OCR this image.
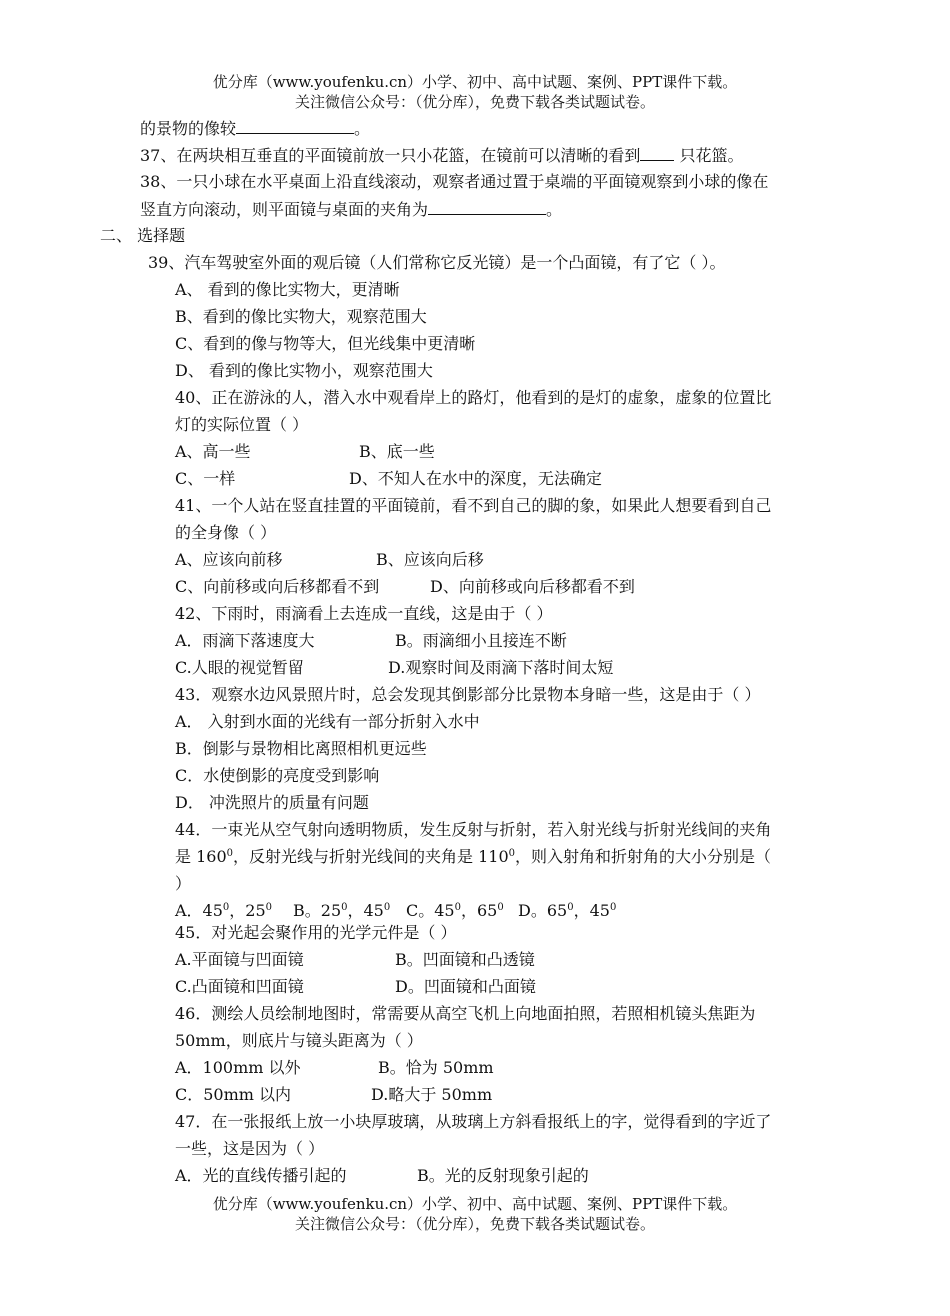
优分库（www.youfenku.cn）小学、初中、高中试题、案例、PPT课件下载。
关注微信公众号：（优分库），免费下载各类试题试卷。
的景物的像较	。
37、在两块相互垂直的平面镜前放一只小花篮，在镜前可以清晰的看到 只花篮。
38、一只小球在水平桌面上沿直线滚动，观察者通过置于桌端的平面镜观察到小球的像在
竖直方向滚动，则平面镜与桌面的夹角为	。
二、 选择题
39、汽车驾驶室外面的观后镜（人们常称它反光镜）是一个凸面镜，有了它（ ）。
A、 看到的像比实物大，更清晰
B、看到的像比实物大，观察范围大
C、看到的像与物等大，但光线集中更清晰
D、 看到的像比实物小，观察范围大
40、正在游泳的人，潜入水中观看岸上的路灯，他看到的是灯的虚象，虚象的位置比
灯的实际位置（ ）
A、高一些	B、底一些
C、一样	D、不知人在水中的深度，无法确定
41、一个人站在竖直挂置的平面镜前，看不到自己的脚的象，如果此人想要看到自己
的全身像（ ）
A、应该向前移	B、应该向后移
C、向前移或向后移都看不到	D、向前移或向后移都看不到
42、下雨时，雨滴看上去连成一直线，这是由于（ ）
A．雨滴下落速度大	B。雨滴细小且接连不断
C.人眼的视觉暂留	D.观察时间及雨滴下落时间太短
43．观察水边风景照片时，总会发现其倒影部分比景物本身暗一些，这是由于（ ）
A． 入射到水面的光线有一部分折射入水中
B．倒影与景物相比离照相机更远些
C．水使倒影的亮度受到影响
D． 冲洗照片的质量有问题
44．一束光从空气射向透明物质，发生反射与折射，若入射光线与折射光线间的夹角
是 $160^0$，反射光线与折射光线间的夹角是 $110^0$，则入射角和折射角的大小分别是（
）
A．$45^0$，$25^0$ B。$25^0$，$45^0$ C。$45^0$，$65^0$ D。$65^0$，$45^0$
45．对光起会聚作用的光学元件是（ ）
A.平面镜与凹面镜	B。凹面镜和凸透镜
C.凸面镜和凹面镜	D。凹面镜和凸面镜
46．测绘人员绘制地图时，常需要从高空飞机上向地面拍照，若照相机镜头焦距为
50mm，则底片与镜头距离为（ ）
A．100mm 以外	B。恰为 50mm
C．50mm 以内	D.略大于 50mm
47．在一张报纸上放一小块厚玻璃，从玻璃上方斜看报纸上的字，觉得看到的字近了
一些，这是因为（ ）
A．光的直线传播引起的	B。光的反射现象引起的
优分库（www.youfenku.cn）小学、初中、高中试题、案例、PPT课件下载。
关注微信公众号：（优分库），免费下载各类试题试卷。
